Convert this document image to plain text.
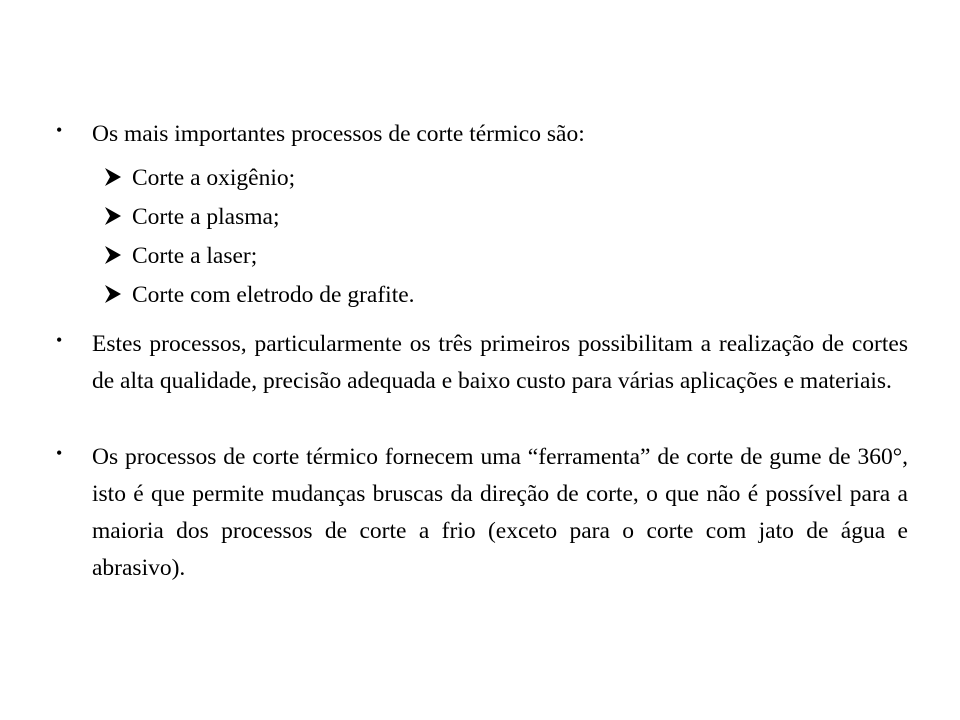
• Os mais importantes processos de corte térmico são:
Corte a oxigênio;
Corte a plasma;
Corte a laser;
Corte com eletrodo de grafite.
• Estes processos, particularmente os três primeiros possibilitam a realização de cortes de alta qualidade, precisão adequada e baixo custo para várias aplicações e materiais.
• Os processos de corte térmico fornecem uma “ferramenta” de corte de gume de 360°, isto é que permite mudanças bruscas da direção de corte, o que não é possível para a maioria dos processos de corte a frio (exceto para o corte com jato de água e abrasivo).
